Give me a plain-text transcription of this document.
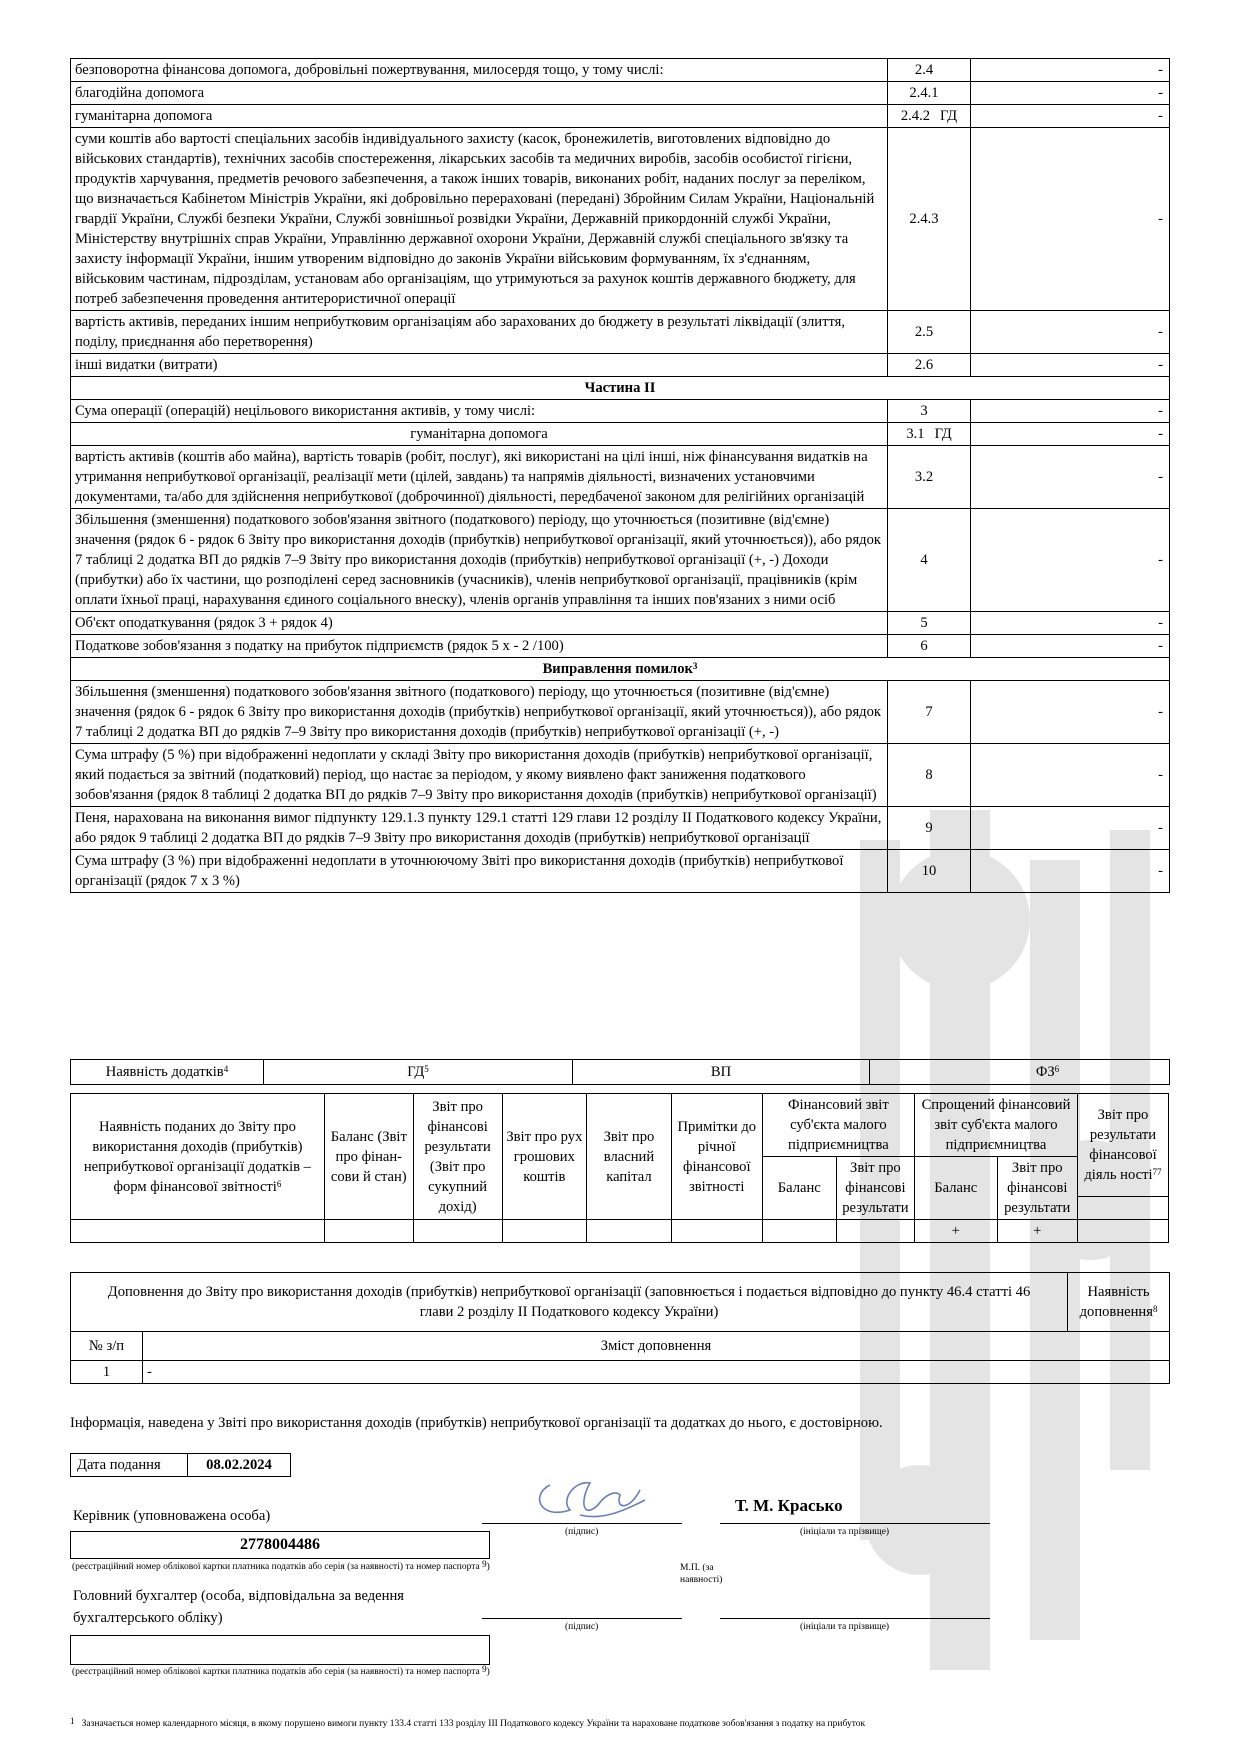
безповоротна фінансова допомога, добровільні пожертвування, милосердя тощо, у тому числі:	2.4	-
благодійна допомога	2.4.1	-
гуманітарна допомога	2.4.2 ГД	-
суми коштів або вартості спеціальних засобів індивідуального захисту (касок, бронежилетів, виготовлених відповідно до військових стандартів), технічних засобів спостереження, лікарських засобів та медичних виробів, засобів особистої гігієни, продуктів харчування, предметів речового забезпечення, а також інших товарів, виконаних робіт, наданих послуг за переліком, що визначається Кабінетом Міністрів України, які добровільно перераховані (передані) Збройним Силам України, Національній гвардії України, Службі безпеки України, Службі зовнішньої розвідки України, Державній прикордонній службі України, Міністерству внутрішніх справ України, Управлінню державної охорони України, Державній службі спеціального зв'язку та захисту інформації України, іншим утвореним відповідно до законів України військовим формуванням, їх з'єднанням, військовим частинам, підрозділам, установам або організаціям, що утримуються за рахунок коштів державного бюджету, для потреб забезпечення проведення антитерористичної операції	2.4.3	-
вартість активів, переданих іншим неприбутковим організаціям або зарахованих до бюджету в результаті ліквідації (злиття, поділу, приєднання або перетворення)	2.5	-
інші видатки (витрати)	2.6	-
Частина ІІ		
Сума операції (операцій) нецільового використання активів, у тому числі:	3	-
гуманітарна допомога	3.1 ГД	-
вартість активів (коштів або майна), вартість товарів (робіт, послуг), які використані на цілі інші, ніж фінансування видатків на утримання неприбуткової організації, реалізації мети (цілей, завдань) та напрямів діяльності, визначених установчими документами, та/або для здійснення неприбуткової (доброчинної) діяльності, передбаченої законом для релігійних організацій	3.2	-
Збільшення (зменшення) податкового зобов'язання звітного (податкового) періоду, що уточнюється (позитивне (від'ємне) значення (рядок 6 - рядок 6 Звіту про використання доходів (прибутків) неприбуткової організації, який уточнюється)), або рядок 7 таблиці 2 додатка ВП до рядків 7–9 Звіту про використання доходів (прибутків) неприбуткової організації (+, -) Доходи (прибутки) або їх частини, що розподілені серед засновників (учасників), членів неприбуткової організації, працівників (крім оплати їхньої праці, нарахування єдиного соціального внеску), членів органів управління та інших пов'язаних з ними осіб	4	-
Об'єкт оподаткування (рядок 3 + рядок 4)	5	-
Податкове зобов'язання з податку на прибуток підприємств (рядок 5 х - 2 /100)	6	-
Виправлення помилок$^3$
Збільшення (зменшення) податкового зобов'язання звітного (податкового) періоду, що уточнюється (позитивне (від'ємне) значення (рядок 6 - рядок 6 Звіту про використання доходів (прибутків) неприбуткової організації, який уточнюється)), або рядок 7 таблиці 2 додатка ВП до рядків 7–9 Звіту про використання доходів (прибутків) неприбуткової організації (+, -)	7	-
Сума штрафу (5 %) при відображенні недоплати у складі Звіту про використання доходів (прибутків) неприбуткової організації, який подається за звітний (податковий) період, що настає за періодом, у якому виявлено факт заниження податкового зобов'язання (рядок 8 таблиці 2 додатка ВП до рядків 7–9 Звіту про використання доходів (прибутків) неприбуткової організації)	8	-
Пеня, нарахована на виконання вимог підпункту 129.1.3 пункту 129.1 статті 129 глави 12 розділу ІІ Податкового кодексу України, або рядок 9 таблиці 2 додатка ВП до рядків 7–9 Звіту про використання доходів (прибутків) неприбуткової організації	9	-
Сума штрафу (3 %) при відображенні недоплати в уточнюючому Звіті про використання доходів (прибутків) неприбуткової організації (рядок 7 х 3 %)	10	-
Наявність додатків$^4$	$ГД^5$	ВП	$ФЗ^6$
Наявність поданих до Звіту про використання доходів (прибутків) неприбуткової організації додатків – форм фінансової звітності$^6$	Баланс (Звіт про фінан-сови й стан)	Звіт про фінансові результати (Звіт про сукупний дохід)	Звіт про рух грошових коштів	Звіт про власний капітал	Примітки до річної фінансової звітності	Фінансовий звіт суб'єкта малого підприємництва		Спрощений фінансовий звіт суб'єкта малого підприємництва		Звіт про результати фінансової діяль ності$^{77}$
						Баланс	Звіт про фінансові результати	Баланс	Звіт про фінансові результати	

								+	+	
Доповнення до Звіту про використання доходів (прибутків) неприбуткової організації (заповнюється і подається відповідно до пункту 46.4 статті 46 глави 2 розділу ІІ Податкового кодексу України)		Наявність доповнення$^8$
№ з/п	Зміст доповнення	
1	-	
Інформація, наведена у Звіті про використання доходів (прибутків) неприбуткової організації та додатках до нього, є достовірною.
Дата подання	08.02.2024
Керівник (уповноважена особа)
(підпис)
Т. М. Красько
(ініціали та прізвище)
2778004486
(реєстраційний номер облікової картки платника податків або серія (за наявності) та номер паспорта $^9$)	М.П. (за наявності)
Головний бухгалтер (особа, відповідальна за ведення бухгалтерського обліку)
(підпис)	(ініціали та прізвище)
(реєстраційний номер облікової картки платника податків або серія (за наявності) та номер паспорта $^9$)
$^1$ Зазначається номер календарного місяця, в якому порушено вимоги пункту 133.4 статті 133 розділу ІІІ Податкового кодексу України та нараховане податкове зобов'язання з податку на прибуток
